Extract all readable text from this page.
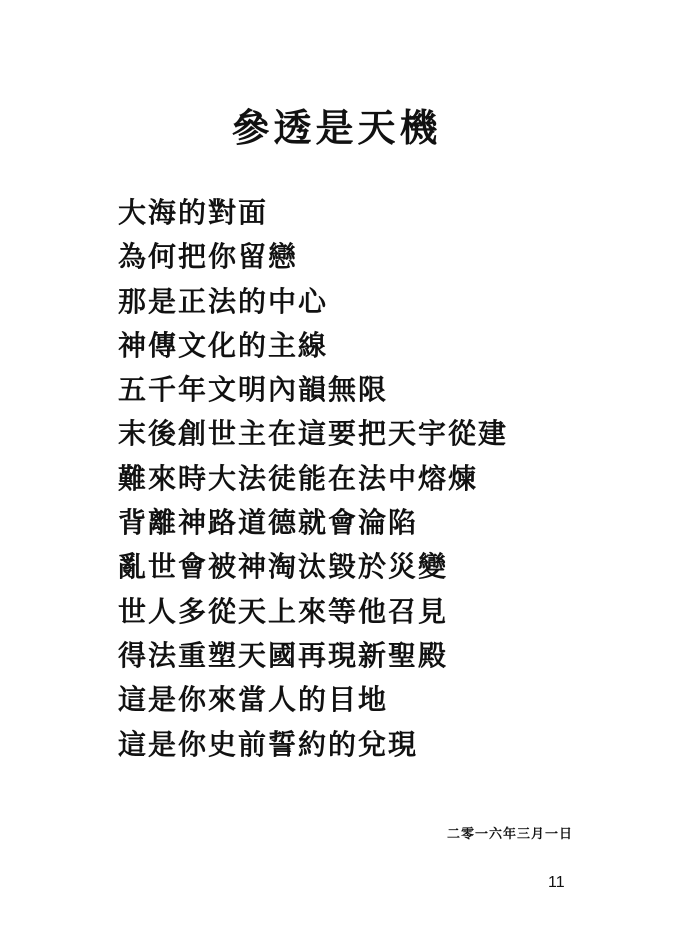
參透是天機
大海的對面
為何把你留戀
那是正法的中心
神傳文化的主線
五千年文明內韻無限
末後創世主在這要把天宇從建
難來時大法徒能在法中熔煉
背離神路道德就會淪陷
亂世會被神淘汰毀於災變
世人多從天上來等他召見
得法重塑天國再現新聖殿
這是你來當人的目地
這是你史前誓約的兌現
二零一六年三月一日
11
